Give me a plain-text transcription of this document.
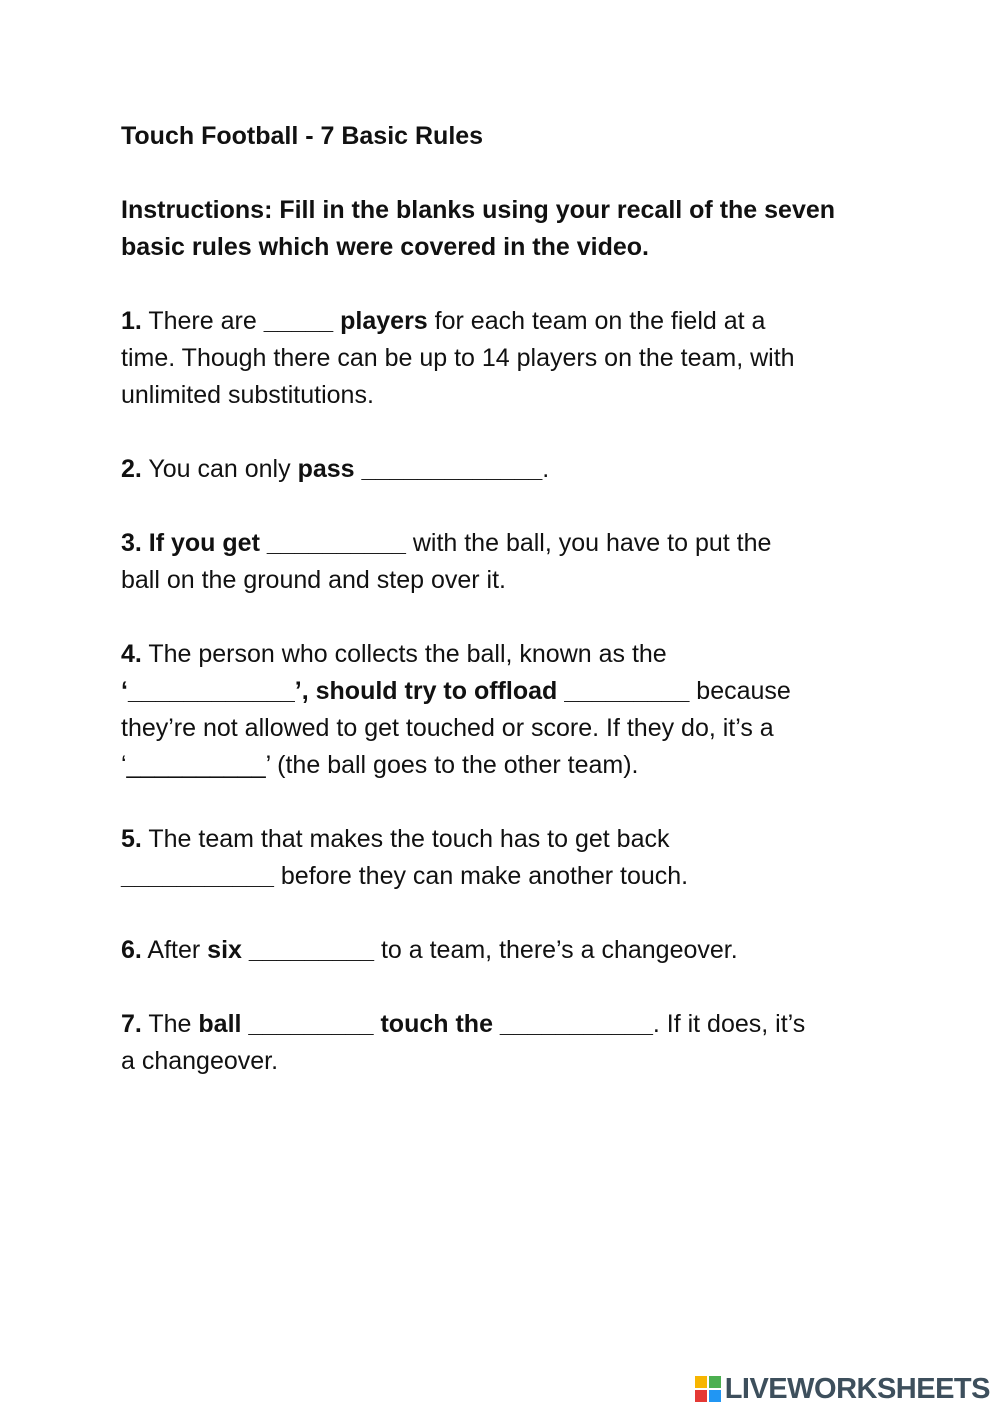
Touch Football - 7 Basic Rules
Instructions: Fill in the blanks using your recall of the seven
basic rules which were covered in the video.
1. There are _____ players for each team on the field at a
time. Though there can be up to 14 players on the team, with
unlimited substitutions.
2. You can only pass _____________.
3. If you get __________ with the ball, you have to put the
ball on the ground and step over it.
4. The person who collects the ball, known as the
‘____________’, should try to offload _________ because
they’re not allowed to get touched or score. If they do, it’s a
‘__________’ (the ball goes to the other team).
5. The team that makes the touch has to get back
___________ before they can make another touch.
6. After six _________ to a team, there’s a changeover.
7. The ball _________ touch the ___________. If it does, it’s
a changeover.
LIVEWORKSHEETS
